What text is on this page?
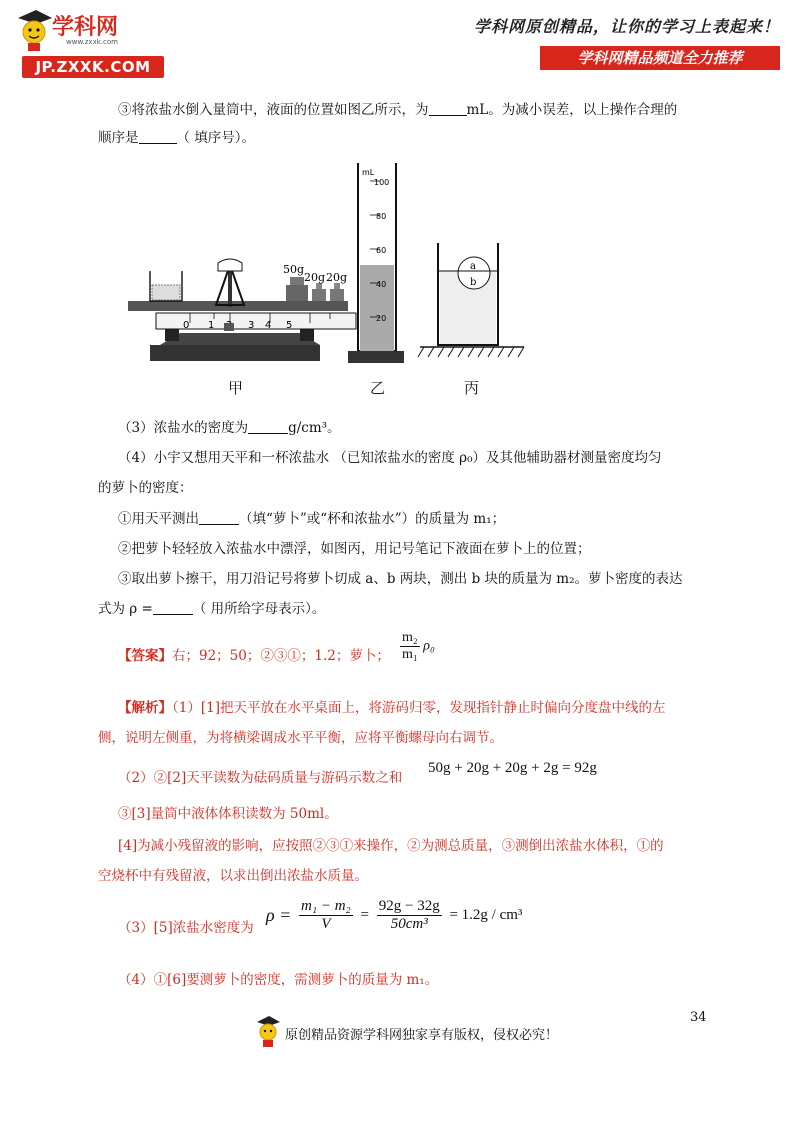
学科网
www.zxxk.com
JP.ZXXK.COM
学科网原创精品，让你的学习上表起来！
学科网精品频道全力推荐
③将浓盐水倒入量筒中，液面的位置如图乙所示，为	mL。为减小误差，以上操作合理的
顺序是	（ 填序号）。
0 1	3 4 5
50g
20g 20g
mL
100
80
60
40
20
a
b
甲	乙	丙
（3）浓盐水的密度为	g/cm³。
（4）小宇又想用天平和一杯浓盐水 （已知浓盐水的密度 ρ₀）及其他辅助器材测量密度均匀
的萝卜的密度：
①用天平测出	（填“萝卜”或“杯和浓盐水”）的质量为 m₁；
②把萝卜轻轻放入浓盐水中漂浮，如图丙，用记号笔记下液面在萝卜上的位置；
③取出萝卜擦干，用刀沿记号将萝卜切成 a、b 两块，测出 b 块的质量为 m₂。萝卜密度的表达
式为 ρ =	（ 用所给字母表示）。
【答案】右；92；50；②③①；1.2；萝卜； $\frac{\text{m₂}}{\text{m₁}} \rho_0$
【解析】（1）[1]把天平放在水平桌面上，将游码归零，发现指针静止时偏向分度盘中线的左
侧，说明左侧重，为将横梁调成水平平衡，应将平衡螺母向右调节。
（2）②[2]天平读数为砝码质量与游码示数之和
50g + 20g + 20g + 2g = 92g
③[3]量筒中液体体积读数为 50ml。
[4]为减小残留液的影响，应按照②③①来操作，②为测总质量，③测倒出浓盐水体积，①的
空烧杯中有残留液，以求出倒出浓盐水质量。
（3）[5]浓盐水密度为
$\rho = \frac{\text{m₁ − m₂}}{V} = \frac{92g - 32g}{\text{50cm³}} = 1.2g / cm^3$
（4）①[6]要测萝卜的密度，需测萝卜的质量为 m₁。
34
原创精品资源学科网独家享有版权，侵权必究！
